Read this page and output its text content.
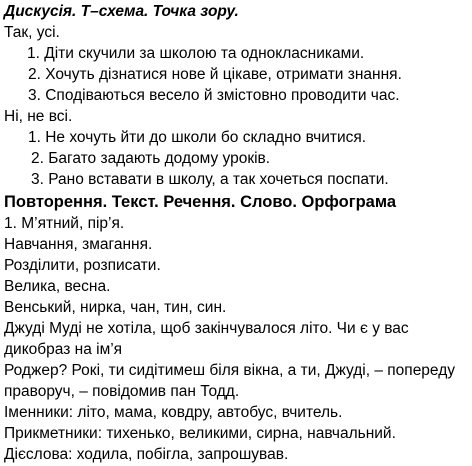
Дискусія. Т–схема. Точка зору.
Так, усі.
1. Діти скучили за школою та однокласниками.
2. Хочуть дізнатися нове й цікаве, отримати знання.
3. Сподіваються весело й змістовно проводити час.
Ні, не всі.
1. Не хочуть йти до школи бо складно вчитися.
2. Багато задають додому уроків.
3. Рано вставати в школу, а так хочеться поспати.
Повторення. Текст. Речення. Слово. Орфограма
1. М’ятний, пір’я.
Навчання, змагання.
Розділити, розписати.
Велика, весна.
Венський, нирка, чан, тин, син.
Джуді Муді не хотіла, щоб закінчувалося літо. Чи є у вас
дикобраз на ім’я
Роджер? Рокі, ти сидітимеш біля вікна, а ти, Джуді, – попереду
праворуч, – повідомив пан Тодд.
Іменники: літо, мама, ковдру, автобус, вчитель.
Прикметники: тихенько, великими, сирна, навчальний.
Дієслова: ходила, побігла, запрошував.
